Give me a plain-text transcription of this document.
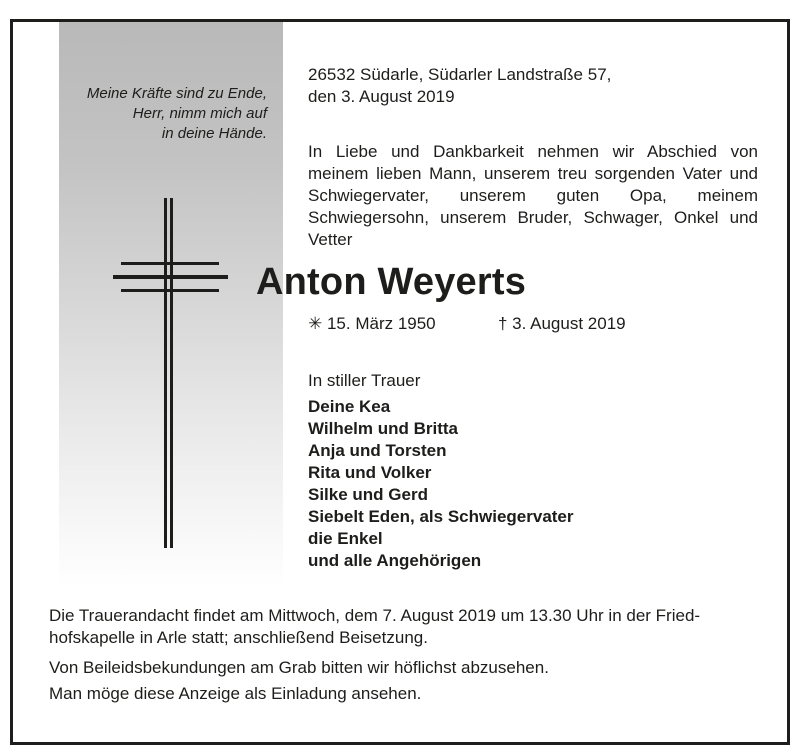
Meine Kräfte sind zu Ende,
Herr, nimm mich auf
in deine Hände.
26532 Südarle, Südarler Landstraße 57,
den 3. August 2019
In Liebe und Dankbarkeit nehmen wir Abschied von meinem lieben Mann, unserem treu sorgenden Vater und Schwiegervater, unserem guten Opa, meinem Schwiegersohn, unserem Bruder, Schwager, Onkel und Vetter
Anton Weyerts
✳ 15. März 1950	† 3. August 2019
In stiller Trauer
Deine Kea
Wilhelm und Britta
Anja und Torsten
Rita und Volker
Silke und Gerd
Siebelt Eden, als Schwiegervater
die Enkel
und alle Angehörigen
Die Trauerandacht findet am Mittwoch, dem 7. August 2019 um 13.30 Uhr in der Fried-
hofskapelle in Arle statt; anschließend Beisetzung.
Von Beileidsbekundungen am Grab bitten wir höflichst abzusehen.
Man möge diese Anzeige als Einladung ansehen.
